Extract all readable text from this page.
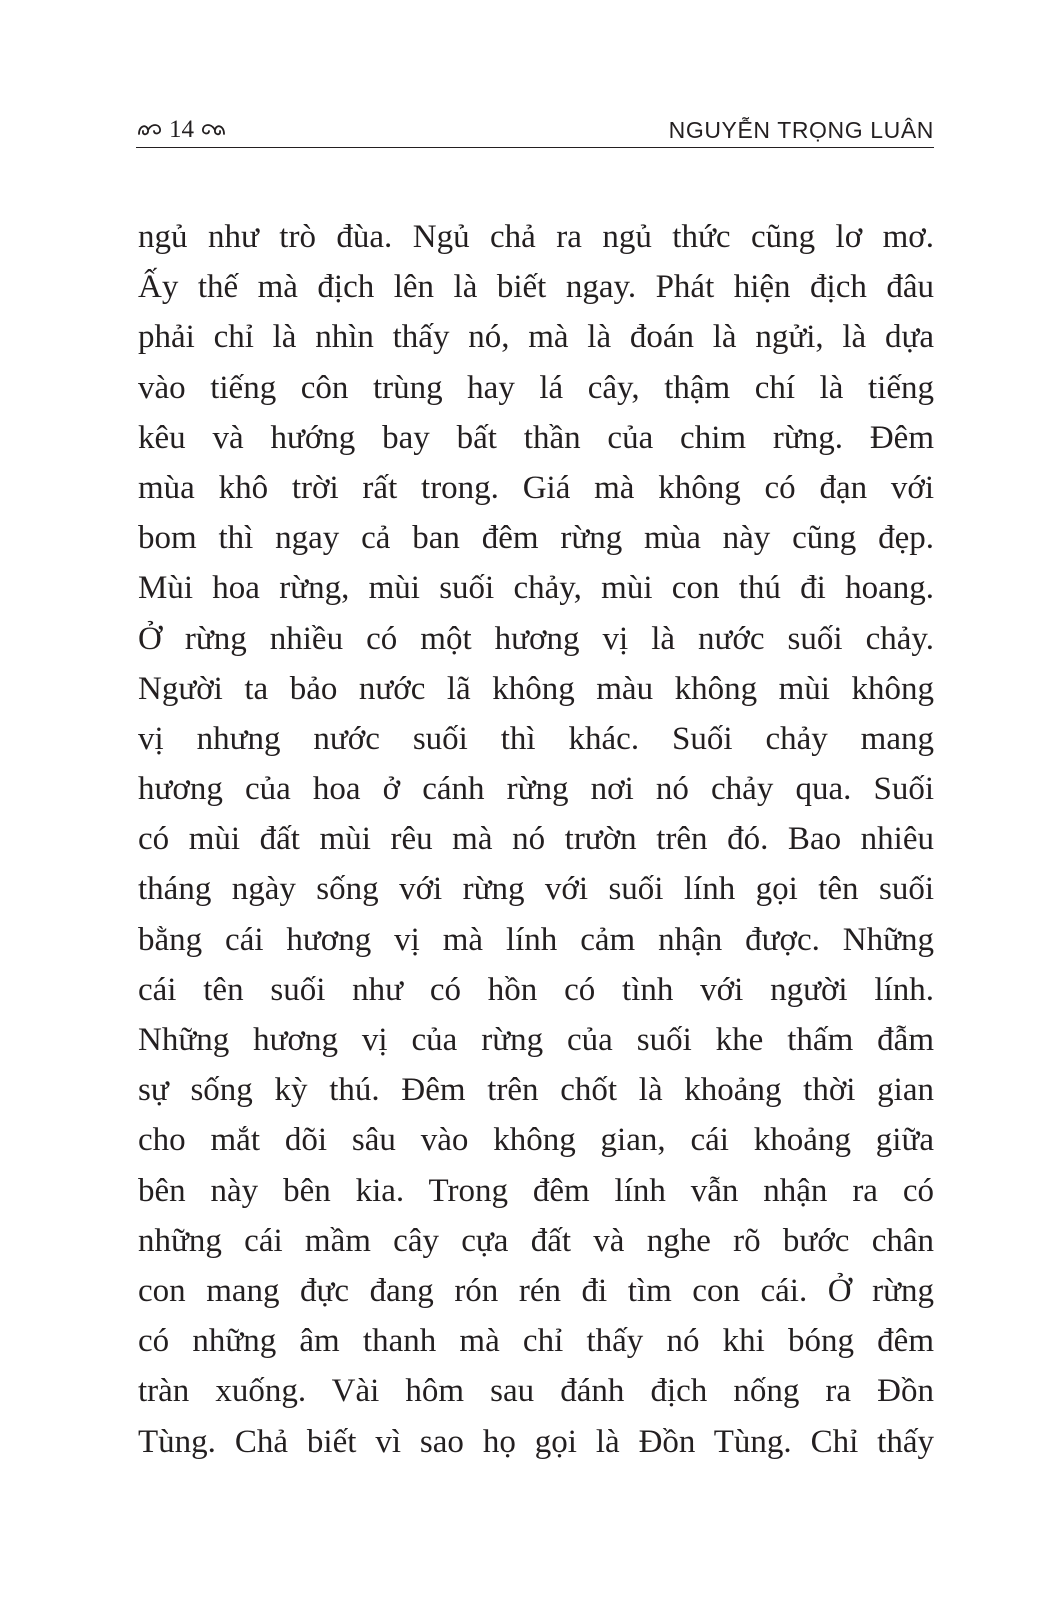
14	NGUYỄN TRỌNG LUÂN
ngủ như trò đùa. Ngủ chả ra ngủ thức cũng lơ mơ.
Ấy thế mà địch lên là biết ngay. Phát hiện địch đâu
phải chỉ là nhìn thấy nó, mà là đoán là ngửi, là dựa
vào tiếng côn trùng hay lá cây, thậm chí là tiếng
kêu và hướng bay bất thần của chim rừng. Đêm
mùa khô trời rất trong. Giá mà không có đạn với
bom thì ngay cả ban đêm rừng mùa này cũng đẹp.
Mùi hoa rừng, mùi suối chảy, mùi con thú đi hoang.
Ở rừng nhiều có một hương vị là nước suối chảy.
Người ta bảo nước lã không màu không mùi không
vị nhưng nước suối thì khác. Suối chảy mang
hương của hoa ở cánh rừng nơi nó chảy qua. Suối
có mùi đất mùi rêu mà nó trườn trên đó. Bao nhiêu
tháng ngày sống với rừng với suối lính gọi tên suối
bằng cái hương vị mà lính cảm nhận được. Những
cái tên suối như có hồn có tình với người lính.
Những hương vị của rừng của suối khe thấm đẫm
sự sống kỳ thú. Đêm trên chốt là khoảng thời gian
cho mắt dõi sâu vào không gian, cái khoảng giữa
bên này bên kia. Trong đêm lính vẫn nhận ra có
những cái mầm cây cựa đất và nghe rõ bước chân
con mang đực đang rón rén đi tìm con cái. Ở rừng
có những âm thanh mà chỉ thấy nó khi bóng đêm
tràn xuống. Vài hôm sau đánh địch nống ra Đồn
Tùng. Chả biết vì sao họ gọi là Đồn Tùng. Chỉ thấy
